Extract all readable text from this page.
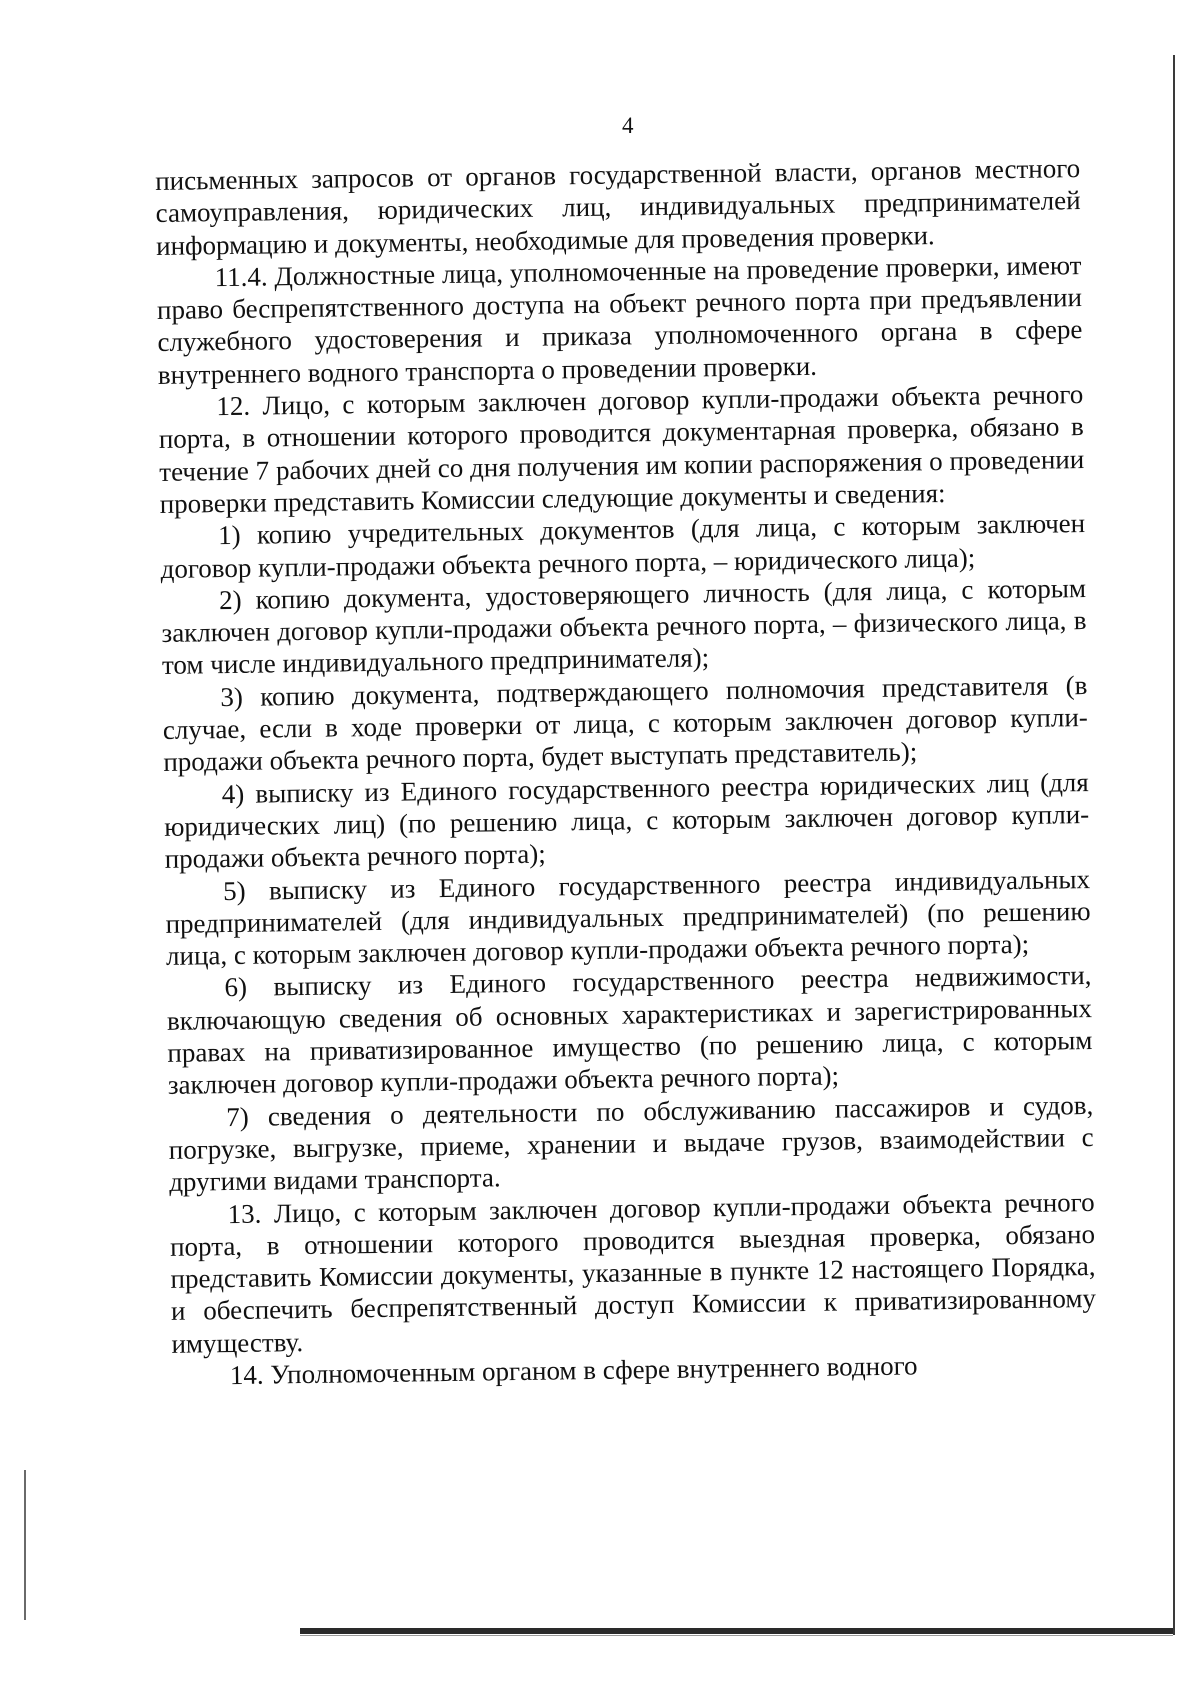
4

письменных запросов от органов государственной власти, органов местного самоуправления, юридических лиц, индивидуальных предпринимателей информацию и документы, необходимые для проведения проверки.

11.4. Должностные лица, уполномоченные на проведение проверки, имеют право беспрепятственного доступа на объект речного порта при предъявлении служебного удостоверения и приказа уполномоченного органа в сфере внутреннего водного транспорта о проведении проверки.

12. Лицо, с которым заключен договор купли-продажи объекта речного порта, в отношении которого проводится документарная проверка, обязано в течение 7 рабочих дней со дня получения им копии распоряжения о проведении проверки представить Комиссии следующие документы и сведения:

1) копию учредительных документов (для лица, с которым заключен договор купли-продажи объекта речного порта, – юридического лица);

2) копию документа, удостоверяющего личность (для лица, с которым заключен договор купли-продажи объекта речного порта, – физического лица, в том числе индивидуального предпринимателя);

3) копию документа, подтверждающего полномочия представителя (в случае, если в ходе проверки от лица, с которым заключен договор купли-продажи объекта речного порта, будет выступать представитель);

4) выписку из Единого государственного реестра юридических лиц (для юридических лиц) (по решению лица, с которым заключен договор купли-продажи объекта речного порта);

5) выписку из Единого государственного реестра индивидуальных предпринимателей (для индивидуальных предпринимателей) (по решению лица, с которым заключен договор купли-продажи объекта речного порта);

6) выписку из Единого государственного реестра недвижимости, включающую сведения об основных характеристиках и зарегистрированных правах на приватизированное имущество (по решению лица, с которым заключен договор купли-продажи объекта речного порта);

7) сведения о деятельности по обслуживанию пассажиров и судов, погрузке, выгрузке, приеме, хранении и выдаче грузов, взаимодействии с другими видами транспорта.

13. Лицо, с которым заключен договор купли-продажи объекта речного порта, в отношении которого проводится выездная проверка, обязано представить Комиссии документы, указанные в пункте 12 настоящего Порядка, и обеспечить беспрепятственный доступ Комиссии к приватизированному имуществу.

14. Уполномоченным органом в сфере внутреннего водного
